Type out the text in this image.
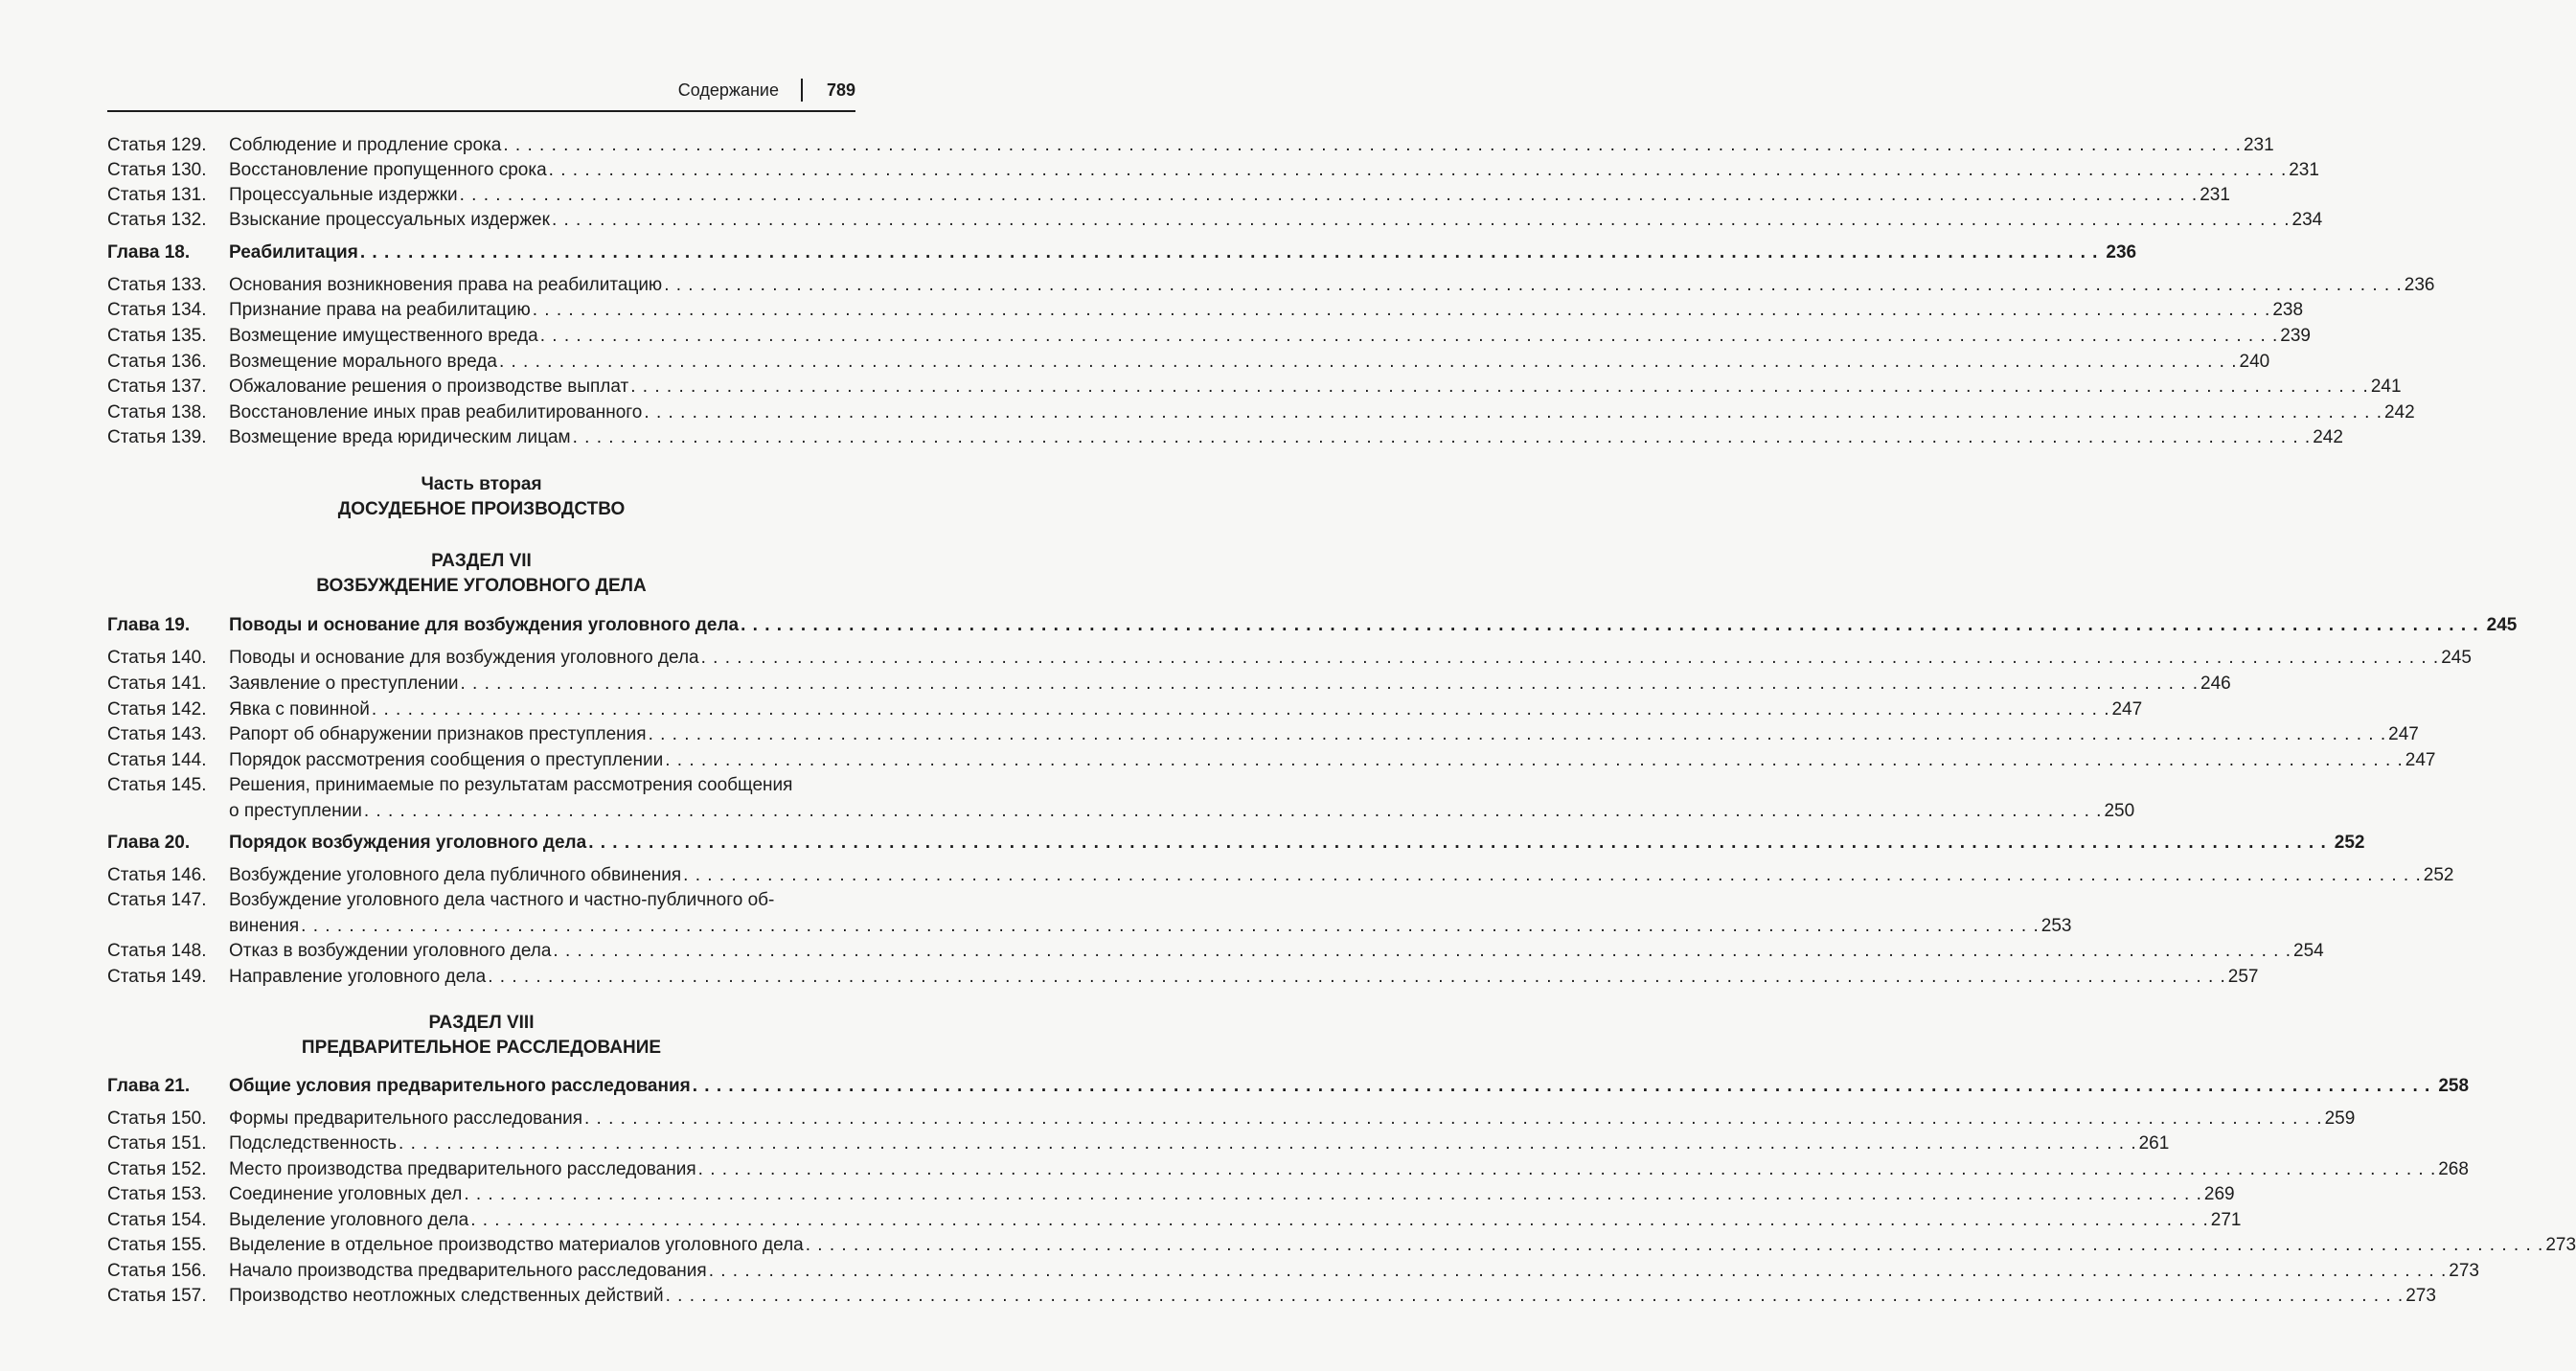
Содержание	789
Статья 129.	Соблюдение и продление срока . . .	231
Статья 130.	Восстановление пропущенного срока . . .	231
Статья 131.	Процессуальные издержки . . .	231
Статья 132.	Взыскание процессуальных издержек . . .	234
Глава 18.	Реабилитация . . .	236
Статья 133.	Основания возникновения права на реабилитацию . . .	236
Статья 134.	Признание права на реабилитацию . . .	238
Статья 135.	Возмещение имущественного вреда . . .	239
Статья 136.	Возмещение морального вреда . . .	240
Статья 137.	Обжалование решения о производстве выплат . . .	241
Статья 138.	Восстановление иных прав реабилитированного . . .	242
Статья 139.	Возмещение вреда юридическим лицам . . .	242
Часть вторая
ДОСУДЕБНОЕ ПРОИЗВОДСТВО
РАЗДЕЛ VII
ВОЗБУЖДЕНИЕ УГОЛОВНОГО ДЕЛА
Глава 19.	Поводы и основание для возбуждения уголовного дела . . .	245
Статья 140.	Поводы и основание для возбуждения уголовного дела . . .	245
Статья 141.	Заявление о преступлении . . .	246
Статья 142.	Явка с повинной . . .	247
Статья 143.	Рапорт об обнаружении признаков преступления . . .	247
Статья 144.	Порядок рассмотрения сообщения о преступлении . . .	247
Статья 145.	Решения, принимаемые по результатам рассмотрения сообщения
о преступлении . . .	250
Глава 20.	Порядок возбуждения уголовного дела . . .	252
Статья 146.	Возбуждение уголовного дела публичного обвинения . . .	252
Статья 147.	Возбуждение уголовного дела частного и частно-публичного об-
винения . . .	253
Статья 148.	Отказ в возбуждении уголовного дела . . .	254
Статья 149.	Направление уголовного дела . . .	257
РАЗДЕЛ VIII
ПРЕДВАРИТЕЛЬНОЕ РАССЛЕДОВАНИЕ
Глава 21.	Общие условия предварительного расследования . . .	258
Статья 150.	Формы предварительного расследования . . .	259
Статья 151.	Подследственность . . .	261
Статья 152.	Место производства предварительного расследования . . .	268
Статья 153.	Соединение уголовных дел . . .	269
Статья 154.	Выделение уголовного дела . . .	271
Статья 155.	Выделение в отдельное производство материалов уголовного дела . . .	273
Статья 156.	Начало производства предварительного расследования . . .	273
Статья 157.	Производство неотложных следственных действий . . .	273
